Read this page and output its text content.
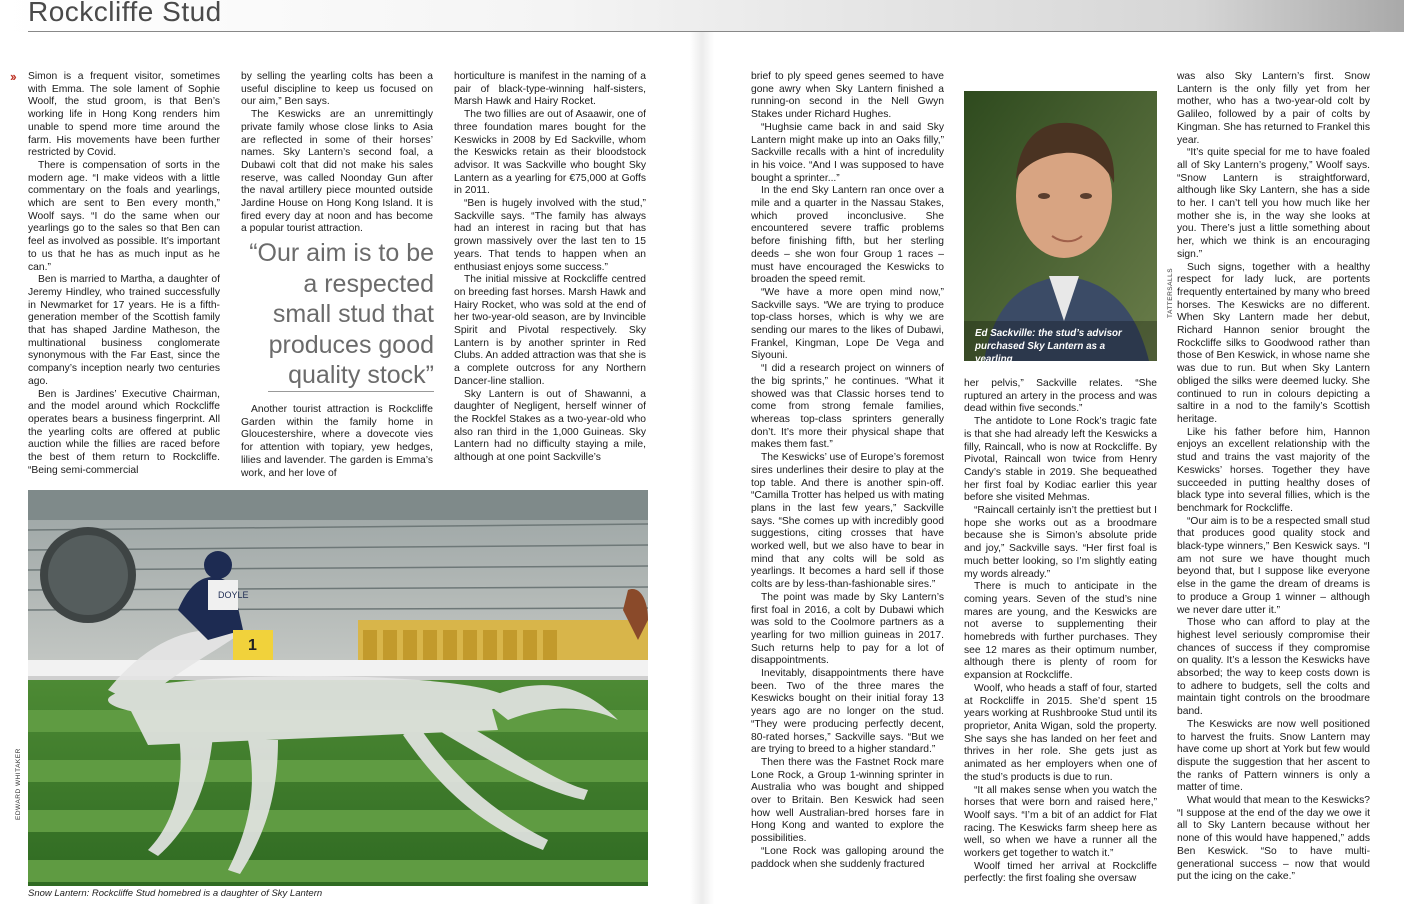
Rockcliffe Stud
›› Simon is a frequent visitor, sometimes with Emma. The sole lament of Sophie Woolf, the stud groom, is that Ben’s working life in Hong Kong renders him unable to spend more time around the farm. His movements have been further restricted by Covid.

There is compensation of sorts in the modern age. “I make videos with a little commentary on the foals and yearlings, which are sent to Ben every month,” Woolf says. “I do the same when our yearlings go to the sales so that Ben can feel as involved as possible. It’s important to us that he has as much input as he can.”

Ben is married to Martha, a daughter of Jeremy Hindley, who trained successfully in Newmarket for 17 years. He is a fifth-generation member of the Scottish family that has shaped Jardine Matheson, the multinational business conglomerate synonymous with the Far East, since the company’s inception nearly two centuries ago.

Ben is Jardines’ Executive Chairman, and the model around which Rockcliffe operates bears a business fingerprint. All the yearling colts are offered at public auction while the fillies are raced before the best of them return to Rockcliffe. “Being semi-commercial

by selling the yearling colts has been a useful discipline to keep us focused on our aim,” Ben says.

The Keswicks are an unremittingly private family whose close links to Asia are reflected in some of their horses’ names. Sky Lantern’s second foal, a Dubawi colt that did not make his sales reserve, was called Noonday Gun after the naval artillery piece mounted outside Jardine House on Hong Kong Island. It is fired every day at noon and has become a popular tourist attraction.

“Our aim is to be a respected small stud that produces good quality stock”

Another tourist attraction is Rockcliffe Garden within the family home in Gloucestershire, where a dovecote vies for attention with topiary, yew hedges, lilies and lavender. The garden is Emma’s work, and her love of

horticulture is manifest in the naming of a pair of black-type-winning half-sisters, Marsh Hawk and Hairy Rocket.

The two fillies are out of Asaawir, one of three foundation mares bought for the Keswicks in 2008 by Ed Sackville, whom the Keswicks retain as their bloodstock advisor. It was Sackville who bought Sky Lantern as a yearling for €75,000 at Goffs in 2011.

“Ben is hugely involved with the stud,” Sackville says. “The family has always had an interest in racing but that has grown massively over the last ten to 15 years. That tends to happen when an enthusiast enjoys some success.”

The initial missive at Rockcliffe centred on breeding fast horses. Marsh Hawk and Hairy Rocket, who was sold at the end of her two-year-old season, are by Invincible Spirit and Pivotal respectively. Sky Lantern is by another sprinter in Red Clubs. An added attraction was that she is a complete outcross for any Northern Dancer-line stallion.

Sky Lantern is out of Shawanni, a daughter of Negligent, herself winner of the Rockfel Stakes as a two-year-old who also ran third in the 1,000 Guineas. Sky Lantern had no difficulty staying a mile, although at one point Sackville’s

1
DOYLE
EDWARD WHITAKER
Snow Lantern: Rockcliffe Stud homebred is a daughter of Sky Lantern

brief to ply speed genes seemed to have gone awry when Sky Lantern finished a running-on second in the Nell Gwyn Stakes under Richard Hughes.

“Hughsie came back in and said Sky Lantern might make up into an Oaks filly,” Sackville recalls with a hint of incredulity in his voice. “And I was supposed to have bought a sprinter...”

In the end Sky Lantern ran once over a mile and a quarter in the Nassau Stakes, which proved inconclusive. She encountered severe traffic problems before finishing fifth, but her sterling deeds – she won four Group 1 races – must have encouraged the Keswicks to broaden the speed remit.

“We have a more open mind now,” Sackville says. “We are trying to produce top-class horses, which is why we are sending our mares to the likes of Dubawi, Frankel, Kingman, Lope De Vega and Siyouni.

“I did a research project on winners of the big sprints,” he continues. “What it showed was that Classic horses tend to come from strong female families, whereas top-class sprinters generally don’t. It’s more their physical shape that makes them fast.”

The Keswicks’ use of Europe’s foremost sires underlines their desire to play at the top table. And there is another spin-off. “Camilla Trotter has helped us with mating plans in the last few years,” Sackville says. “She comes up with incredibly good suggestions, citing crosses that have worked well, but we also have to bear in mind that any colts will be sold as yearlings. It becomes a hard sell if those colts are by less-than-fashionable sires.”

The point was made by Sky Lantern’s first foal in 2016, a colt by Dubawi which was sold to the Coolmore partners as a yearling for two million guineas in 2017. Such returns help to pay for a lot of disappointments.

Inevitably, disappointments there have been. Two of the three mares the Keswicks bought on their initial foray 13 years ago are no longer on the stud. “They were producing perfectly decent, 80-rated horses,” Sackville says. “But we are trying to breed to a higher standard.”

Then there was the Fastnet Rock mare Lone Rock, a Group 1-winning sprinter in Australia who was bought and shipped over to Britain. Ben Keswick had seen how well Australian-bred horses fare in Hong Kong and wanted to explore the possibilities.

“Lone Rock was galloping around the paddock when she suddenly fractured

Ed Sackville: the stud’s advisor purchased Sky Lantern as a yearling
TATTERSALLS

her pelvis,” Sackville relates. “She ruptured an artery in the process and was dead within five seconds.”

The antidote to Lone Rock’s tragic fate is that she had already left the Keswicks a filly, Raincall, who is now at Rockcliffe. By Pivotal, Raincall won twice from Henry Candy’s stable in 2019. She bequeathed her first foal by Kodiac earlier this year before she visited Mehmas.

“Raincall certainly isn’t the prettiest but I hope she works out as a broodmare because she is Simon’s absolute pride and joy,” Sackville says. “Her first foal is much better looking, so I’m slightly eating my words already.”

There is much to anticipate in the coming years. Seven of the stud’s nine mares are young, and the Keswicks are not averse to supplementing their homebreds with further purchases. They see 12 mares as their optimum number, although there is plenty of room for expansion at Rockcliffe.

Woolf, who heads a staff of four, started at Rockcliffe in 2015. She’d spent 15 years working at Rushbrooke Stud until its proprietor, Anita Wigan, sold the property. She says she has landed on her feet and thrives in her role. She gets just as animated as her employers when one of the stud’s products is due to run.

“It all makes sense when you watch the horses that were born and raised here,” Woolf says. “I’m a bit of an addict for Flat racing. The Keswicks farm sheep here as well, so when we have a runner all the workers get together to watch it.”

Woolf timed her arrival at Rockcliffe perfectly: the first foaling she oversaw

was also Sky Lantern’s first. Snow Lantern is the only filly yet from her mother, who has a two-year-old colt by Galileo, followed by a pair of colts by Kingman. She has returned to Frankel this year.

“It’s quite special for me to have foaled all of Sky Lantern’s progeny,” Woolf says. “Snow Lantern is straightforward, although like Sky Lantern, she has a side to her. I can’t tell you how much like her mother she is, in the way she looks at you. There’s just a little something about her, which we think is an encouraging sign.”

Such signs, together with a healthy respect for lady luck, are portents frequently entertained by many who breed horses. The Keswicks are no different. When Sky Lantern made her debut, Richard Hannon senior brought the Rockcliffe silks to Goodwood rather than those of Ben Keswick, in whose name she was due to run. But when Sky Lantern obliged the silks were deemed lucky. She continued to run in colours depicting a saltire in a nod to the family’s Scottish heritage.

Like his father before him, Hannon enjoys an excellent relationship with the stud and trains the vast majority of the Keswicks’ horses. Together they have succeeded in putting healthy doses of black type into several fillies, which is the benchmark for Rockcliffe.

“Our aim is to be a respected small stud that produces good quality stock and black-type winners,” Ben Keswick says. “I am not sure we have thought much beyond that, but I suppose like everyone else in the game the dream of dreams is to produce a Group 1 winner – although we never dare utter it.”

Those who can afford to play at the highest level seriously compromise their chances of success if they compromise on quality. It’s a lesson the Keswicks have absorbed; the way to keep costs down is to adhere to budgets, sell the colts and maintain tight controls on the broodmare band.

The Keswicks are now well positioned to harvest the fruits. Snow Lantern may have come up short at York but few would dispute the suggestion that her ascent to the ranks of Pattern winners is only a matter of time.

What would that mean to the Keswicks? “I suppose at the end of the day we owe it all to Sky Lantern because without her none of this would have happened,” adds Ben Keswick. “So to have multi-generational success – now that would put the icing on the cake.”
